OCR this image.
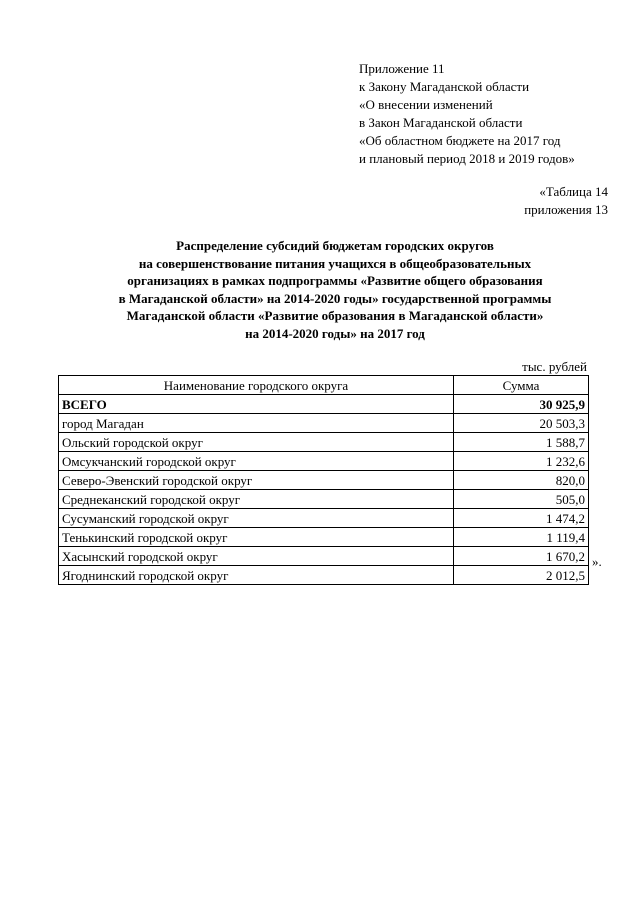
Приложение 11
к Закону Магаданской области
«О внесении изменений
в Закон Магаданской области
«Об областном бюджете на 2017 год
и плановый период 2018 и 2019 годов»
«Таблица 14
приложения 13
Распределение субсидий бюджетам городских округов
на совершенствование питания учащихся в общеобразовательных
организациях в рамках подпрограммы «Развитие общего образования
в Магаданской области» на 2014-2020 годы» государственной программы
Магаданской области «Развитие образования в Магаданской области»
на 2014-2020 годы» на 2017 год
тыс. рублей
Наименование городского округа	Сумма
ВСЕГО	30 925,9
город Магадан	20 503,3
Ольский городской округ	1 588,7
Омсукчанский городской округ	1 232,6
Северо-Эвенский городской округ	820,0
Среднеканский городской округ	505,0
Сусуманский городской округ	1 474,2
Тенькинский городской округ	1 119,4
Хасынский городской округ	1 670,2
Ягоднинский городской округ	2 012,5
».
